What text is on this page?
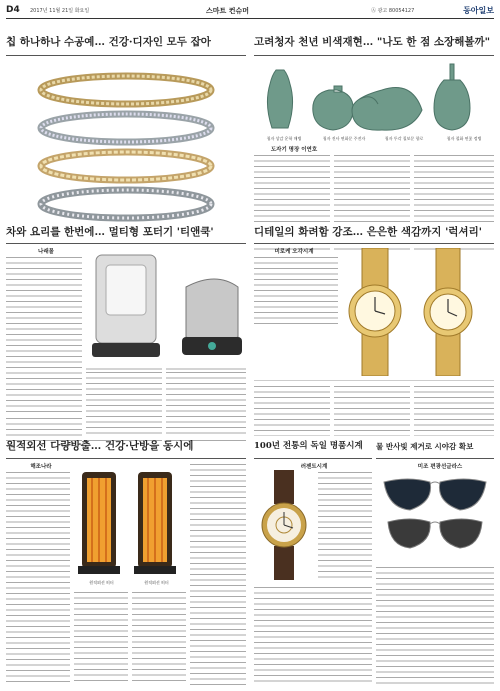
D4 2017년 11월 21일 화요일	스마트 컨슈머	Ⓐ 광고 80054127	동아일보
칩 하나하나 수공예… 건강·디자인 모두 잡아	고려청자 천년 비색재현… "나도 한 점 소장해볼까"
청자 상감 운학 매병	청자 진사 연화문 주전자	청자 투각 칠보문 향로	청자 철화 연꽃 정병
도자기 명장 이연호
차와 요리를 한번에… 멀티형 포터기 '티앤쿡'	디테일의 화려함 강조… 은은한 색감까지 '럭셔리'
미로케 오각시계
나래몰
원적외선 다량방출… 건강·난방을 동시에
해조나라
원적외선 히터	원적외선 히터
100년 전통의 독일 명품시계
러젠트시계
물 반사빛 제거로 시야감 확보
미조 편광선글라스
